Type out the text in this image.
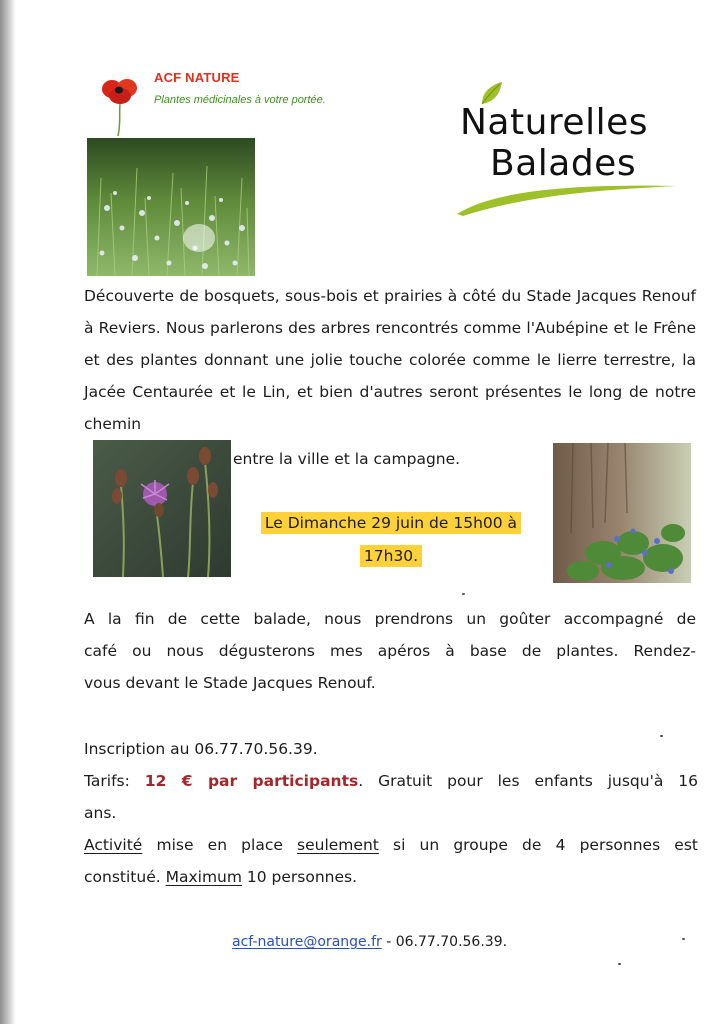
ACF NATURE
Plantes médicinales à votre portée.
Naturelles
Balades
Découverte de bosquets, sous-bois et prairies à côté du Stade Jacques Renouf à Reviers. Nous parlerons des arbres rencontrés comme l'Aubépine et le Frêne et des plantes donnant une jolie touche colorée comme le lierre terrestre, la Jacée Centaurée et le Lin, et bien d'autres seront présentes le long de notre chemin
entre la ville et la campagne.
Le Dimanche 29 juin de 15h00 à
17h30.
A la fin de cette balade, nous prendrons un goûter accompagné de
café ou nous dégusterons mes apéros à base de plantes. Rendez-
vous devant le Stade Jacques Renouf.
Inscription au 06.77.70.56.39.
Tarifs: 12 € par participants. Gratuit pour les enfants jusqu'à 16
ans.
Activité mise en place seulement si un groupe de 4 personnes est
constitué. Maximum 10 personnes.
acf-nature@orange.fr - 06.77.70.56.39.
